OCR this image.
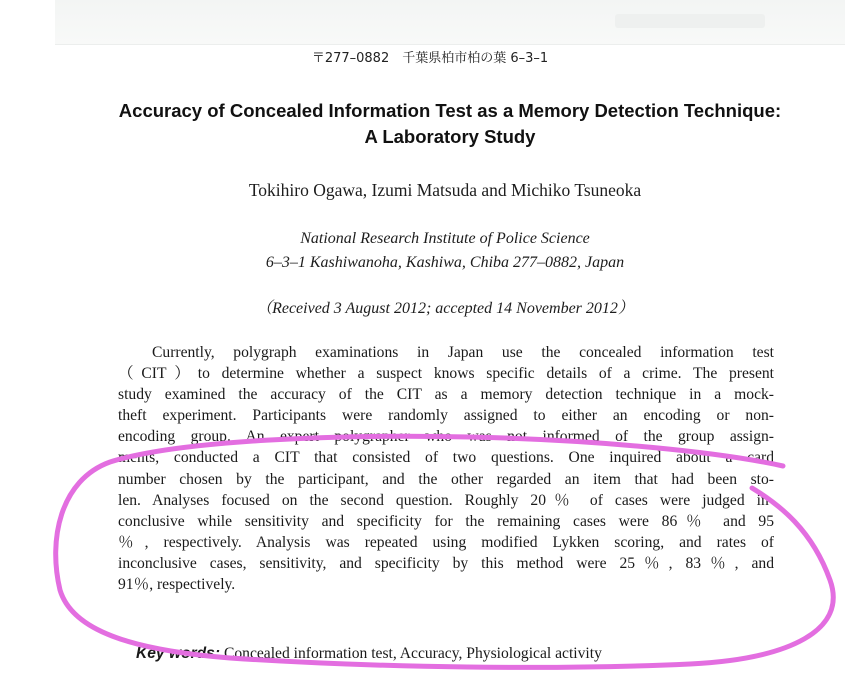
〒277–0882　千葉県柏市柏の葉 6–3–1
Accuracy of Concealed Information Test as a Memory Detection Technique:
A Laboratory Study
Tokihiro Ogawa, Izumi Matsuda and Michiko Tsuneoka
National Research Institute of Police Science
6–3–1 Kashiwanoha, Kashiwa, Chiba 277–0882, Japan
（Received 3 August 2012; accepted 14 November 2012）
Currently, polygraph examinations in Japan use the concealed information test
（CIT）to determine whether a suspect knows specific details of a crime. The present
study examined the accuracy of the CIT as a memory detection technique in a mock-
theft experiment. Participants were randomly assigned to either an encoding or non-
encoding group. An expert polygrapher who was not informed of the group assign-
ments, conducted a CIT that consisted of two questions. One inquired about a card
number chosen by the participant, and the other regarded an item that had been sto-
len. Analyses focused on the second question. Roughly 20％ of cases were judged in-
conclusive while sensitivity and specificity for the remaining cases were 86％ and 95
％, respectively. Analysis was repeated using modified Lykken scoring, and rates of
inconclusive cases, sensitivity, and specificity by this method were 25％, 83％, and
91％, respectively.
Key words: Concealed information test, Accuracy, Physiological activity
